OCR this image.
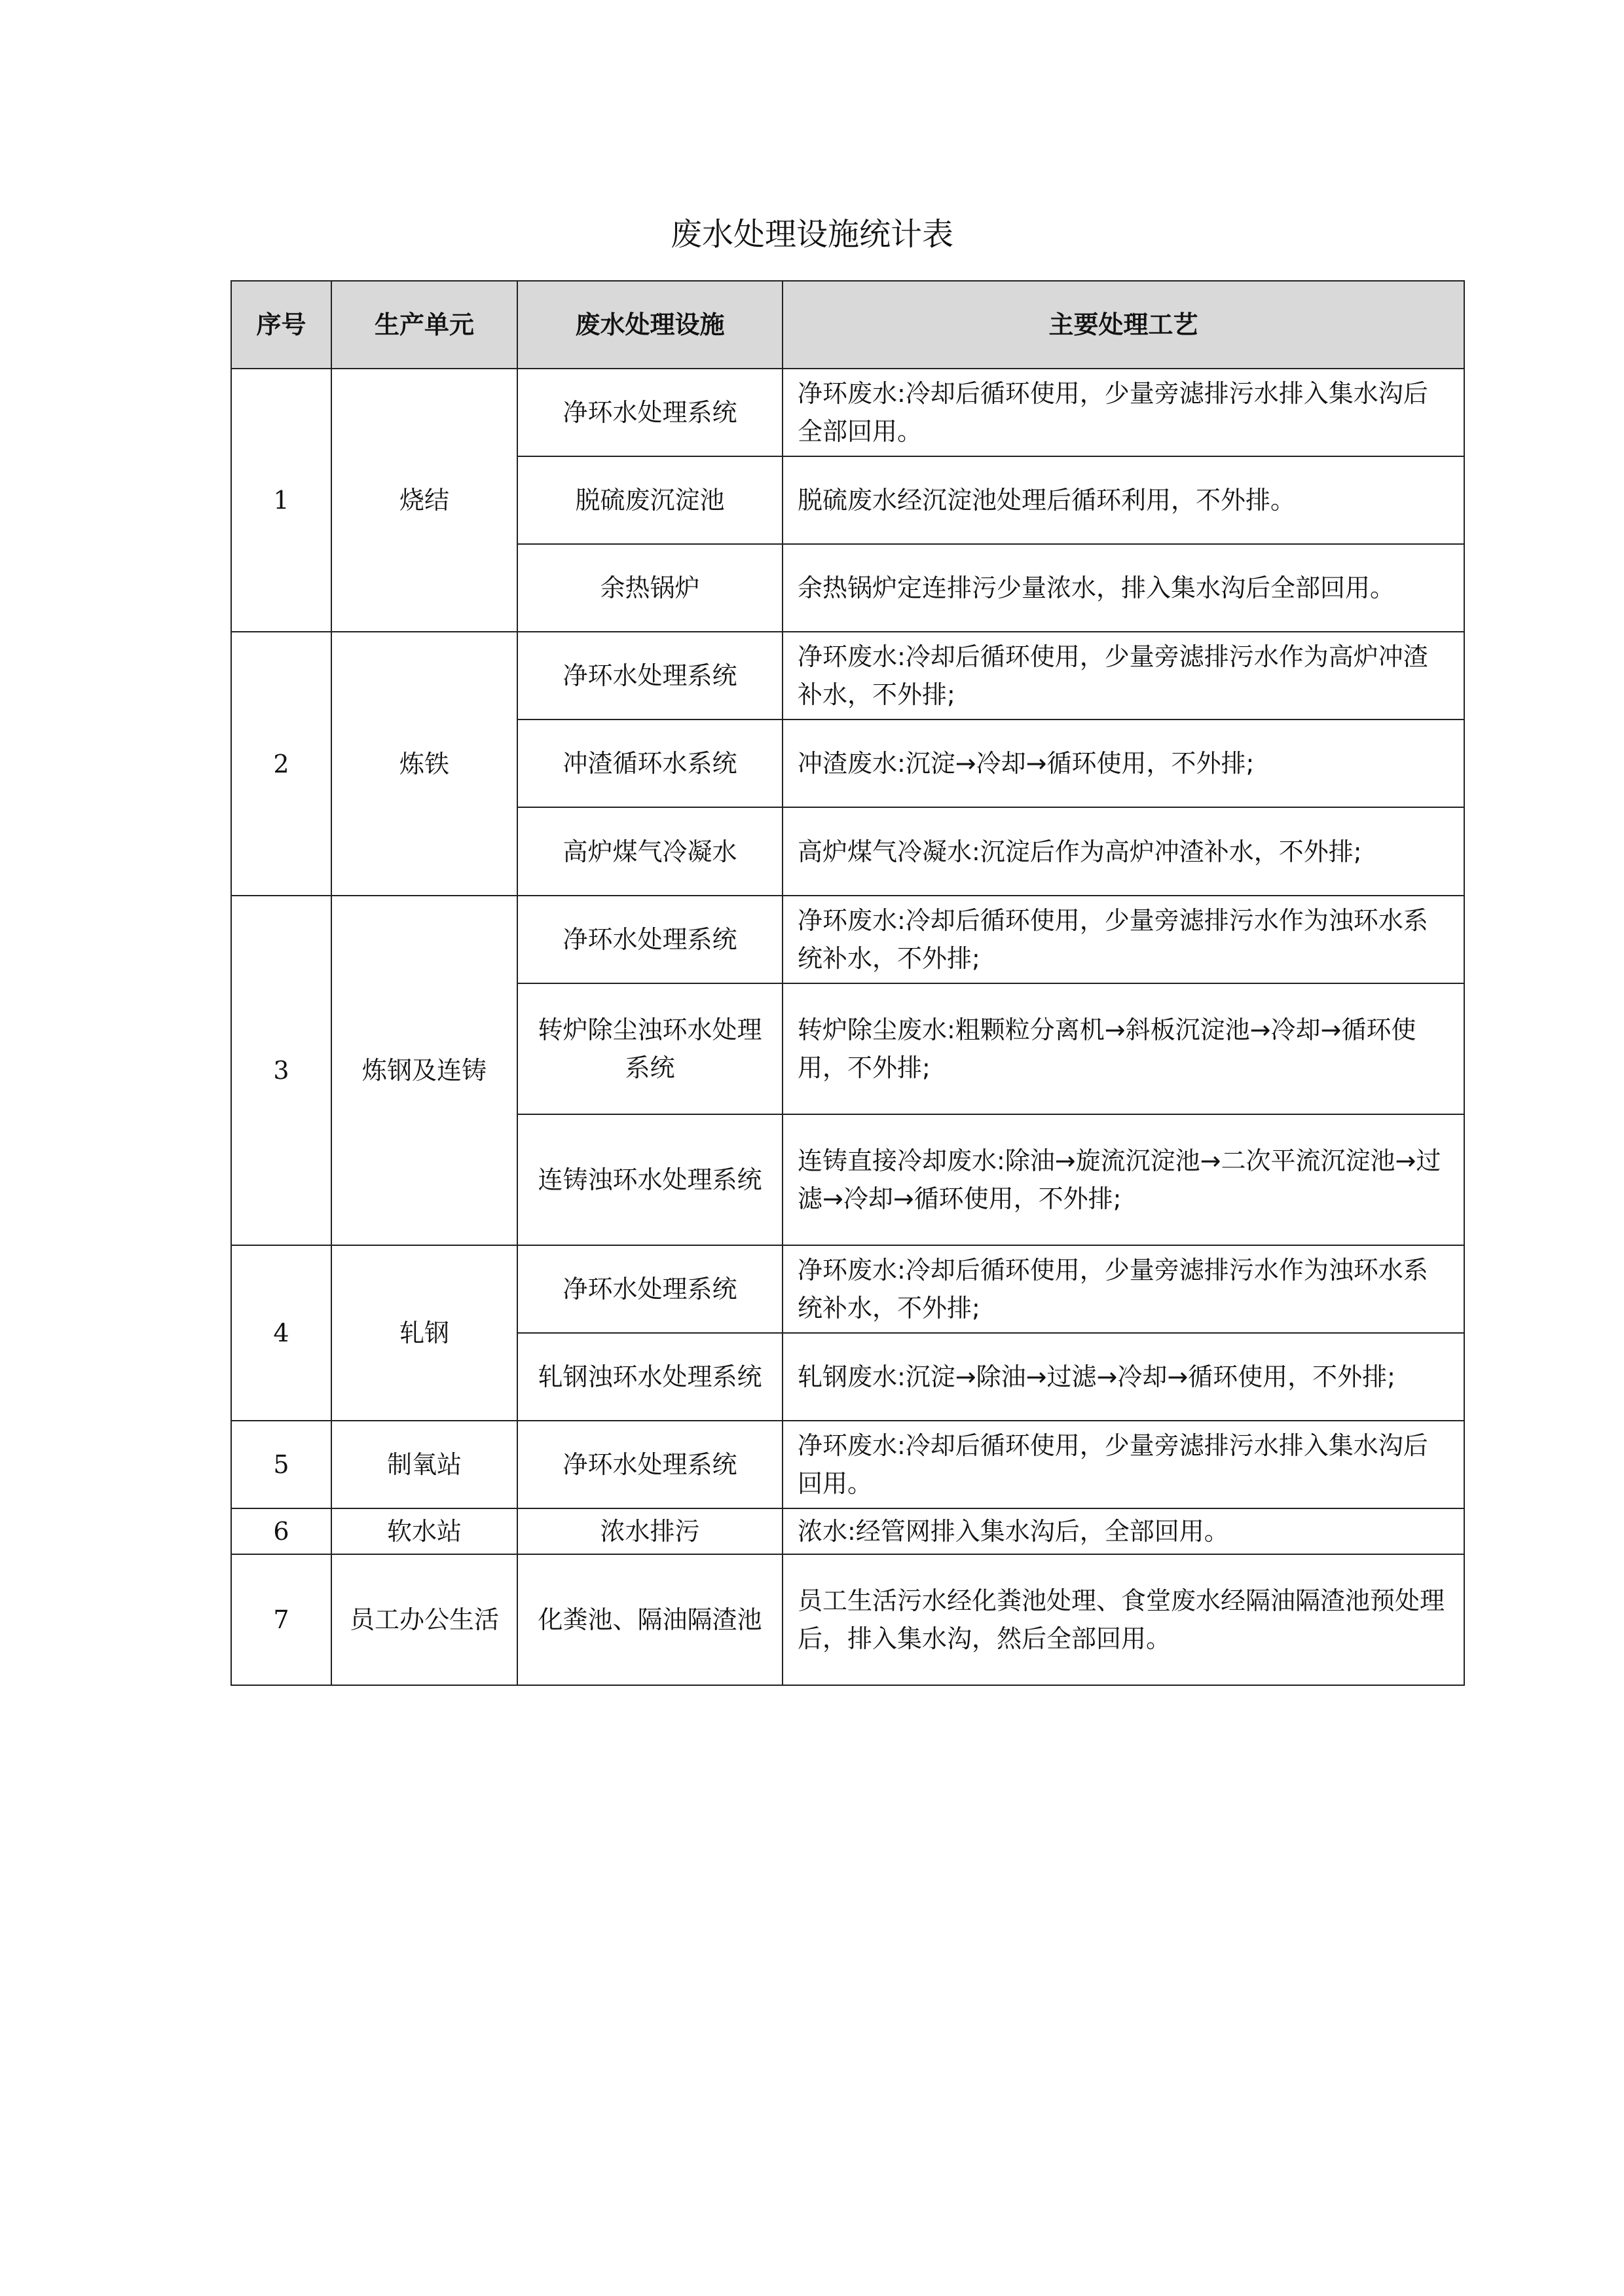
废水处理设施统计表
序号	生产单元	废水处理设施	主要处理工艺
1	烧结	净环水处理系统	净环废水:冷却后循环使用，少量旁滤排污水排入集水沟后全部回用。
		脱硫废沉淀池	脱硫废水经沉淀池处理后循环利用，不外排。
		余热锅炉	余热锅炉定连排污少量浓水，排入集水沟后全部回用。
2	炼铁	净环水处理系统	净环废水:冷却后循环使用，少量旁滤排污水作为高炉冲渣补水，不外排;
		冲渣循环水系统	冲渣废水:沉淀→冷却→循环使用，不外排;
		高炉煤气冷凝水	高炉煤气冷凝水:沉淀后作为高炉冲渣补水，不外排;
3	炼钢及连铸	净环水处理系统	净环废水:冷却后循环使用，少量旁滤排污水作为浊环水系统补水，不外排;
		转炉除尘浊环水处理系统	转炉除尘废水:粗颗粒分离机→斜板沉淀池→冷却→循环使用，不外排;
		连铸浊环水处理系统	连铸直接冷却废水:除油→旋流沉淀池→二次平流沉淀池→过滤→冷却→循环使用，不外排;
4	轧钢	净环水处理系统	净环废水:冷却后循环使用，少量旁滤排污水作为浊环水系统补水，不外排;
		轧钢浊环水处理系统	轧钢废水:沉淀→除油→过滤→冷却→循环使用，不外排;
5	制氧站	净环水处理系统	净环废水:冷却后循环使用，少量旁滤排污水排入集水沟后回用。
6	软水站	浓水排污	浓水:经管网排入集水沟后，全部回用。
7	员工办公生活	化粪池、隔油隔渣池	员工生活污水经化粪池处理、食堂废水经隔油隔渣池预处理后，排入集水沟，然后全部回用。
